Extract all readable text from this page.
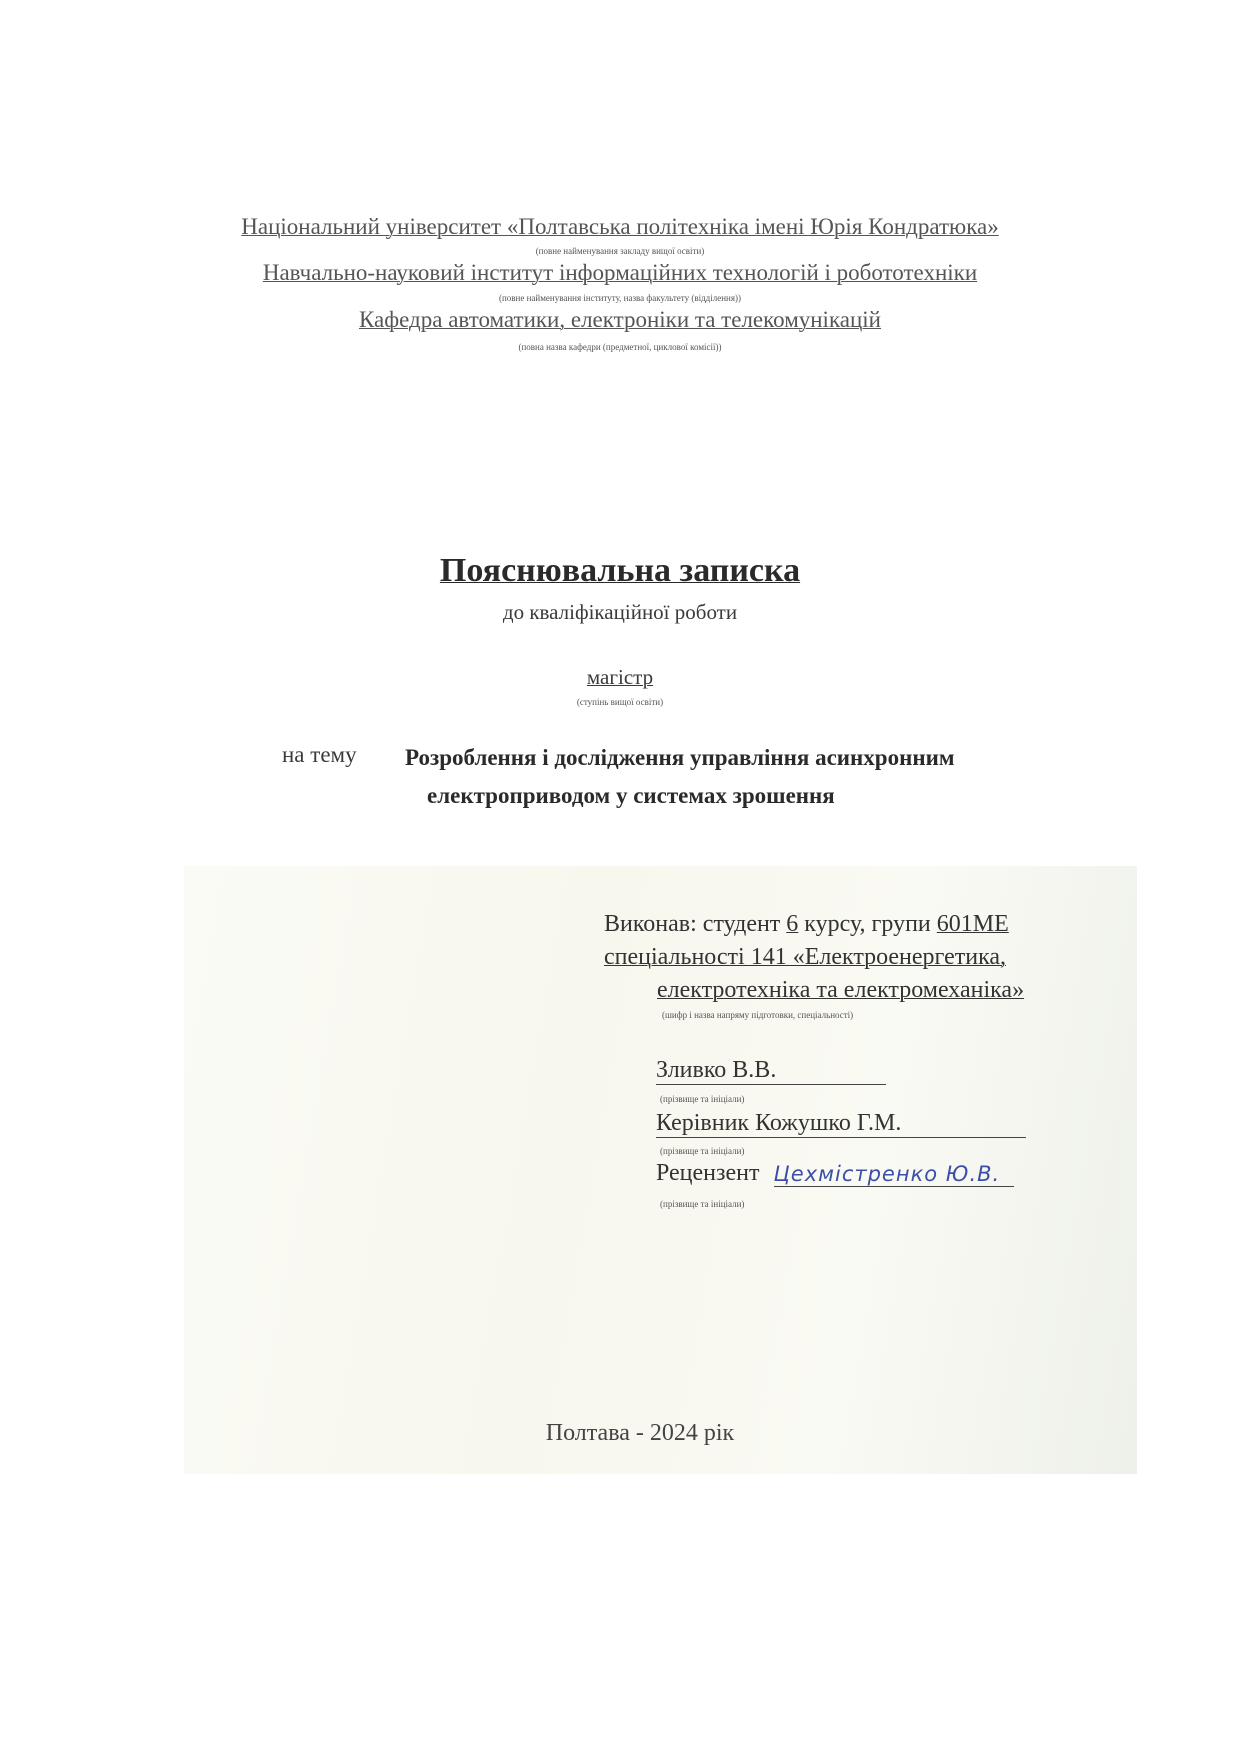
Національний університет «Полтавська політехніка імені Юрія Кондратюка»
(повне найменування закладу вищої освіти)
Навчально-науковий інститут інформаційних технологій і робототехніки
(повне найменування інституту, назва факультету (відділення))
Кафедра автоматики, електроніки та телекомунікацій
(повна назва кафедри (предметної, циклової комісії))
Пояснювальна записка
до кваліфікаційної роботи
магістр
(ступінь вищої освіти)
на тему Розроблення і дослідження управління асинхронним
електроприводом у системах зрошення
Виконав: студент 6 курсу, групи 601МЕ
спеціальності 141 «Електроенергетика,
електротехніка та електромеханіка»
(шифр і назва напряму підготовки, спеціальності)
Зливко В.В.
(прізвище та ініціали)
Керівник Кожушко Г.М.
(прізвище та ініціали)
Рецензент Цехмістренко Ю.В.
(прізвище та ініціали)
Полтава - 2024 рік
